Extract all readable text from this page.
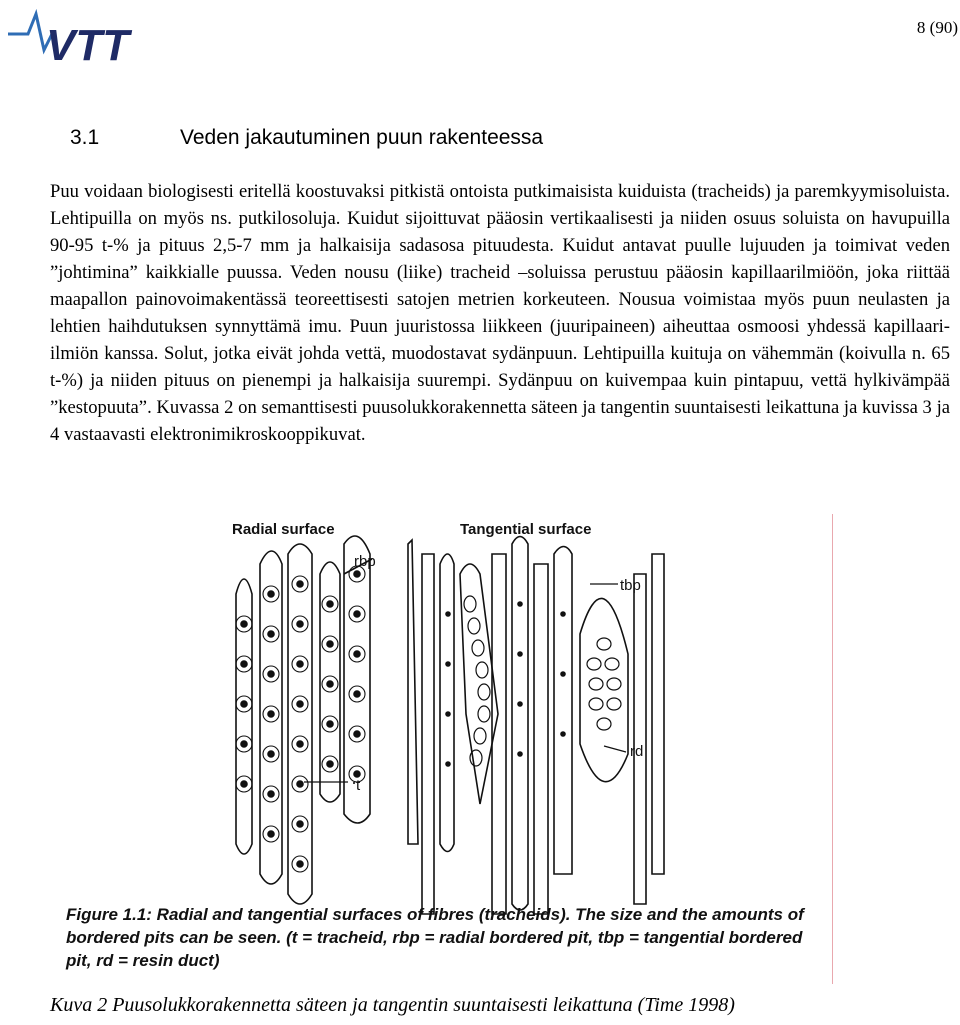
VTT	8 (90)
3.1	Veden jakautuminen puun rakenteessa

Puu voidaan biologisesti eritellä koostuvaksi pitkistä ontoista putkimaisista kuiduista (tracheids) ja paremkyymisoluista. Lehtipuilla on myös ns. putkilosoluja. Kuidut sijoittuvat pääosin vertikaalisesti ja niiden osuus soluista on havupuilla 90-95 t-% ja pituus 2,5-7 mm ja halkaisija sadasosa pituudesta. Kuidut antavat puulle lujuuden ja toimivat veden ”johtimina” kaikkialle puussa. Veden nousu (liike) tracheid –soluissa perustuu pääosin kapillaarilmiöön, joka riittää maapallon painovoimakentässä teoreettisesti satojen metrien korkeuteen. Nousua voimistaa myös puun neulasten ja lehtien haihdutuksen synnyttämä imu. Puun juuristossa liikkeen (juuripaineen) aiheuttaa osmoosi yhdessä kapillaari-ilmiön kanssa. Solut, jotka eivät johda vettä, muodostavat sydänpuun. Lehtipuilla kuituja on vähemmän (koivulla n. 65 t-%) ja niiden pituus on pienempi ja halkaisija suurempi. Sydänpuu on kuivempaa kuin pintapuu, vettä hylkivämpää ”kestopuuta”. Kuvassa 2 on semanttisesti puusolukkorakennetta säteen ja tangentin suuntaisesti leikattuna ja kuvissa 3 ja 4 vastaavasti elektronimikroskooppikuvat.

Radial surface	Tangential surface
rbp
t
tbp
rd
Figure 1.1: Radial and tangential surfaces of fibres (tracheids). The size and the amounts of bordered pits can be seen. (t = tracheid, rbp = radial bordered pit, tbp = tangential bordered pit, rd = resin duct)
Kuva 2 Puusolukkorakennetta säteen ja tangentin suuntaisesti leikattuna (Time 1998)
